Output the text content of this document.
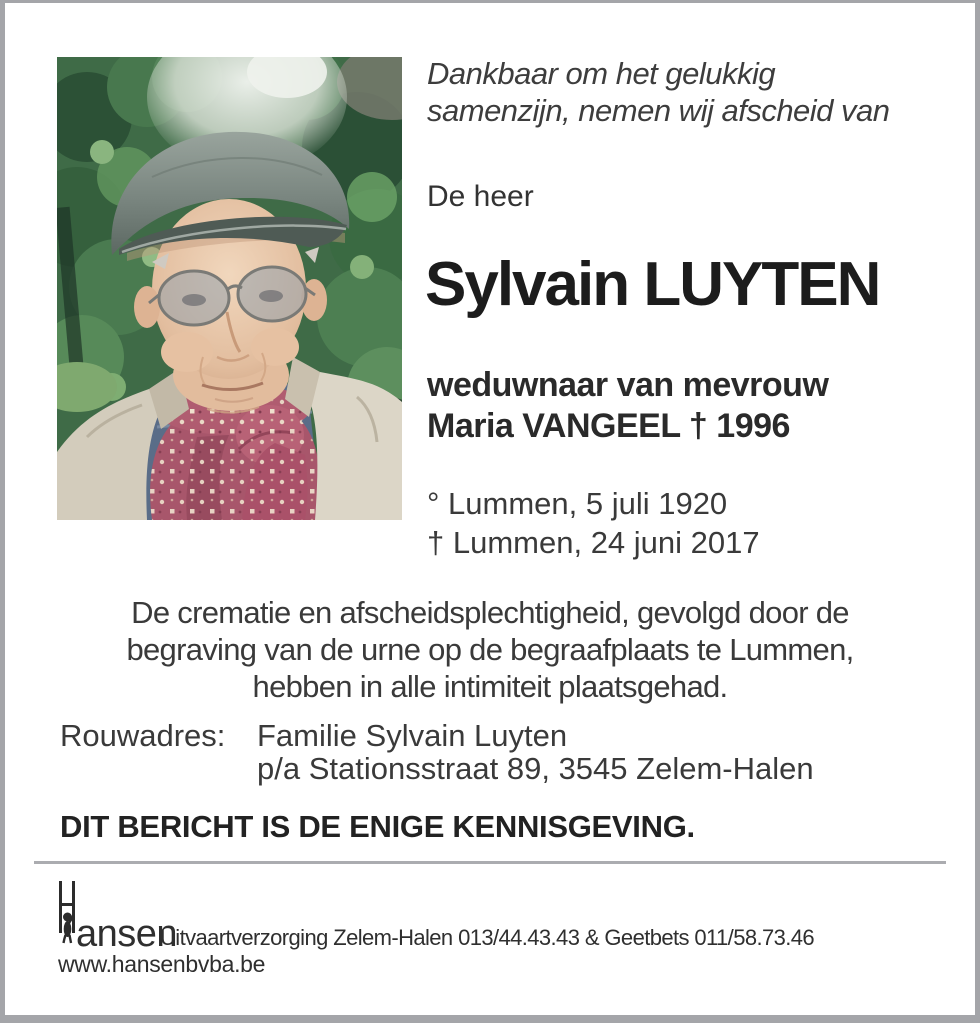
Dankbaar om het gelukkig
samenzijn, nemen wij afscheid van
De heer
Sylvain LUYTEN
weduwnaar van mevrouw
Maria VANGEEL † 1996
° Lummen, 5 juli 1920
† Lummen, 24 juni 2017
De crematie en afscheidsplechtigheid, gevolgd door de
begraving van de urne op de begraafplaats te Lummen,
hebben in alle intimiteit plaatsgehad.
Rouwadres:	Familie Sylvain Luyten
p/a Stationsstraat 89, 3545 Zelem-Halen
DIT BERICHT IS DE ENIGE KENNISGEVING.
ansen
Uitvaartverzorging Zelem-Halen 013/44.43.43 & Geetbets 011/58.73.46
www.hansenbvba.be
